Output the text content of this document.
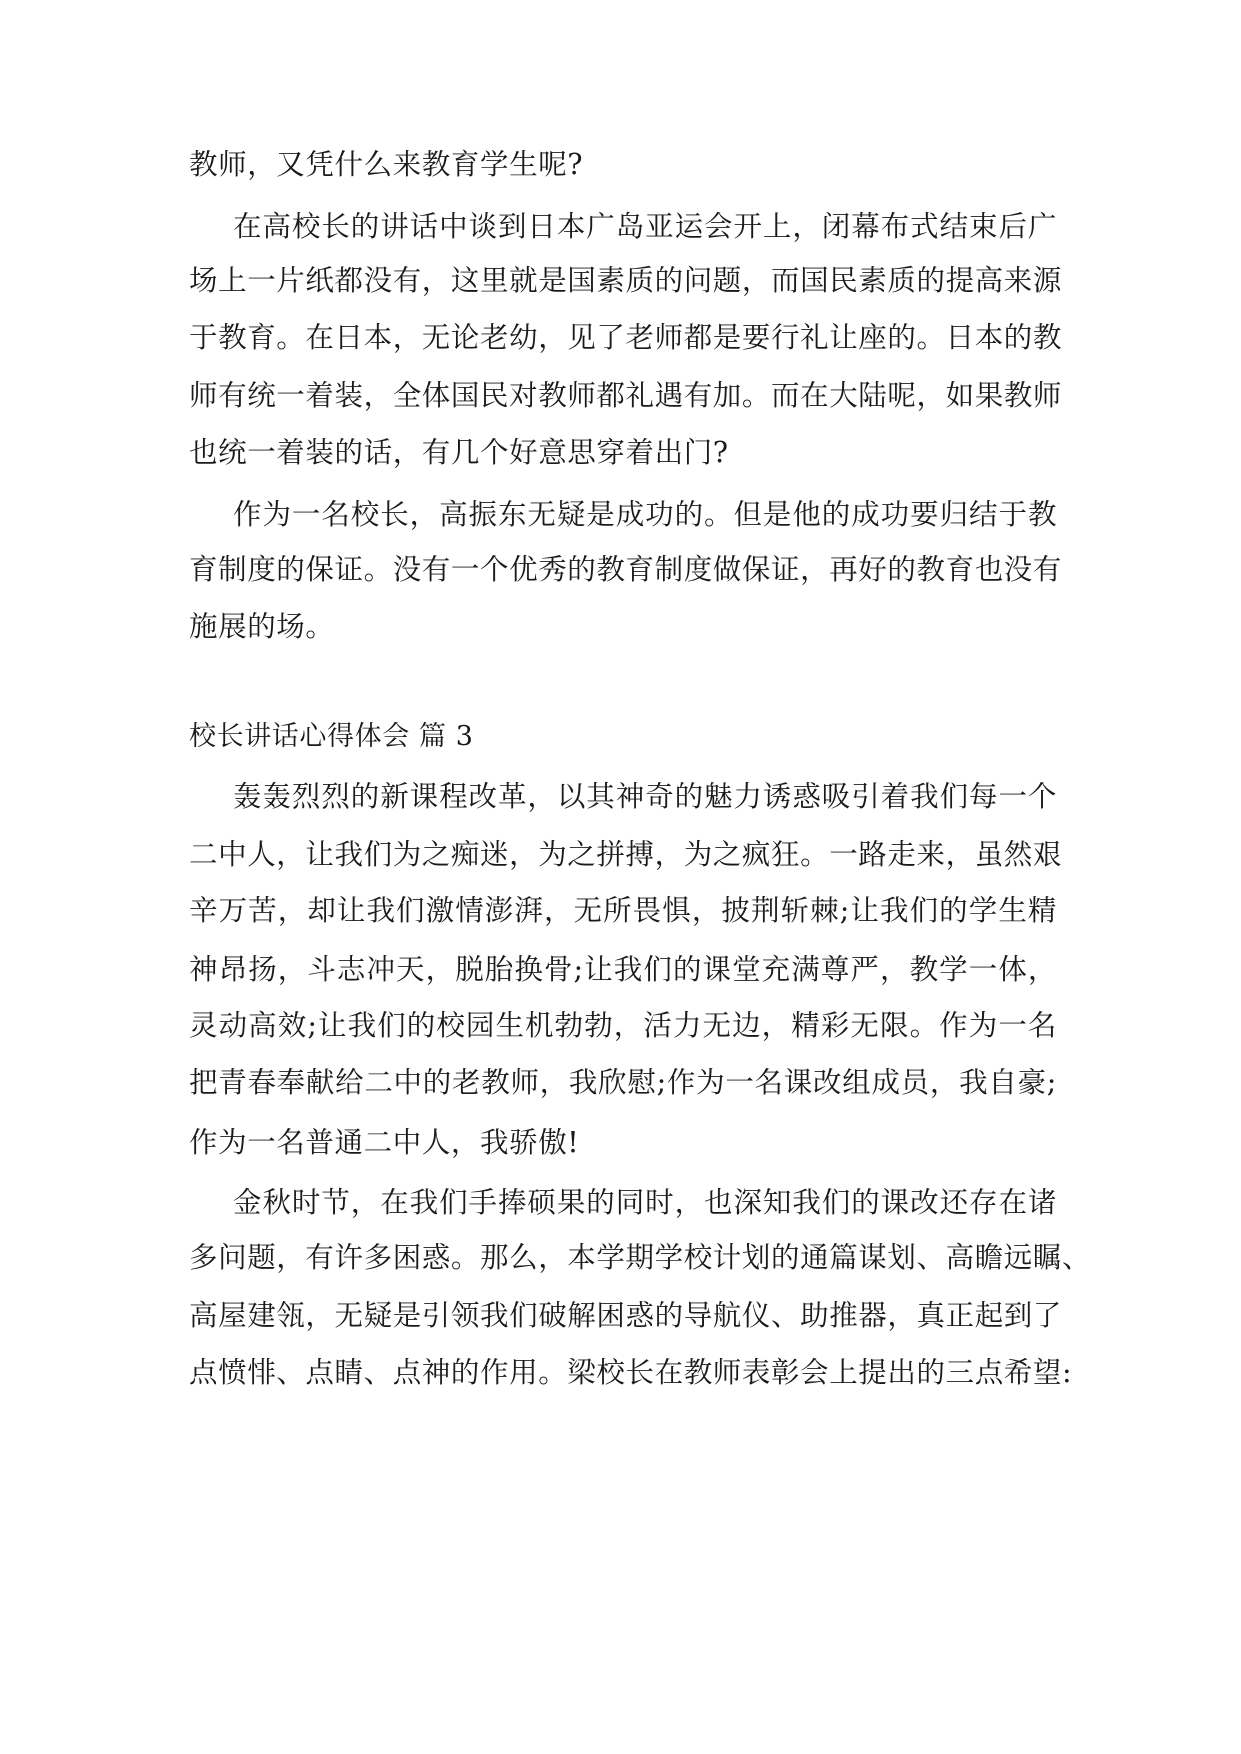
教师，又凭什么来教育学生呢?

在高校长的讲话中谈到日本广岛亚运会开上，闭幕布式结束后广

场上一片纸都没有，这里就是国素质的问题，而国民素质的提高来源

于教育。在日本，无论老幼，见了老师都是要行礼让座的。日本的教

师有统一着装，全体国民对教师都礼遇有加。而在大陆呢，如果教师

也统一着装的话，有几个好意思穿着出门?

作为一名校长，高振东无疑是成功的。但是他的成功要归结于教

育制度的保证。没有一个优秀的教育制度做保证，再好的教育也没有

施展的场。

校长讲话心得体会 篇 3

轰轰烈烈的新课程改革，以其神奇的魅力诱惑吸引着我们每一个

二中人，让我们为之痴迷，为之拼搏，为之疯狂。一路走来，虽然艰

辛万苦，却让我们激情澎湃，无所畏惧，披荆斩棘;让我们的学生精

神昂扬，斗志冲天，脱胎换骨;让我们的课堂充满尊严，教学一体，

灵动高效;让我们的校园生机勃勃，活力无边，精彩无限。作为一名

把青春奉献给二中的老教师，我欣慰;作为一名课改组成员，我自豪;

作为一名普通二中人，我骄傲!

金秋时节，在我们手捧硕果的同时，也深知我们的课改还存在诸

多问题，有许多困惑。那么，本学期学校计划的通篇谋划、高瞻远瞩、

高屋建瓴，无疑是引领我们破解困惑的导航仪、助推器，真正起到了

点愤悱、点睛、点神的作用。梁校长在教师表彰会上提出的三点希望:
